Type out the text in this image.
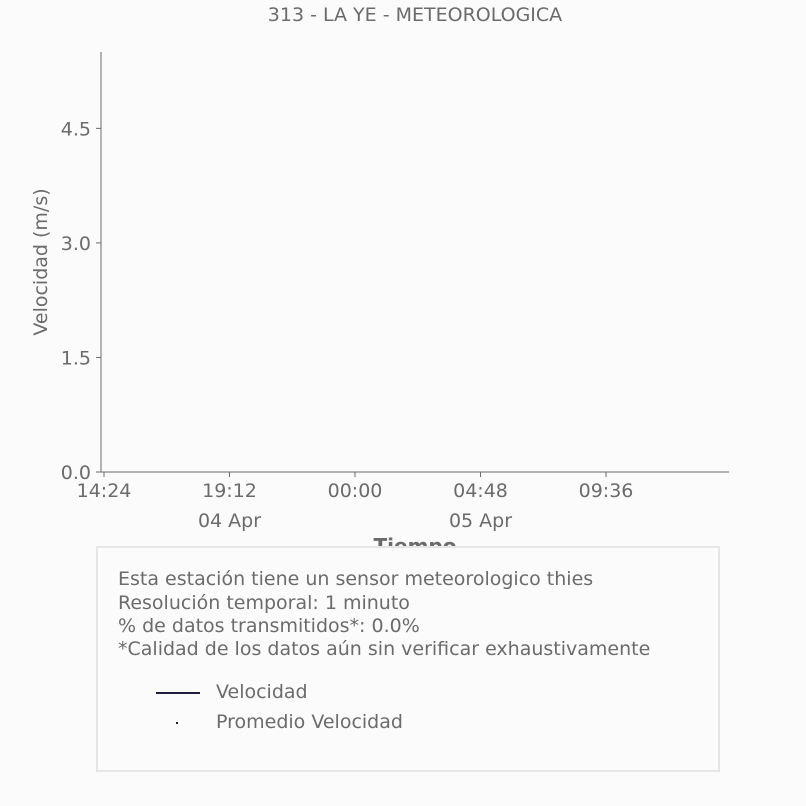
313 - LA YE - METEOROLOGICA
0.0
1.5
3.0
4.5
14:24	19:12	00:00	04:48	09:36
04 Apr	05 Apr
Velocidad (m/s)
Esta estación tiene un sensor meteorologico thies
Resolución temporal: 1 minuto
% de datos transmitidos*: 0.0%
*Calidad de los datos aún sin verificar exhaustivamente
Velocidad
Promedio Velocidad
